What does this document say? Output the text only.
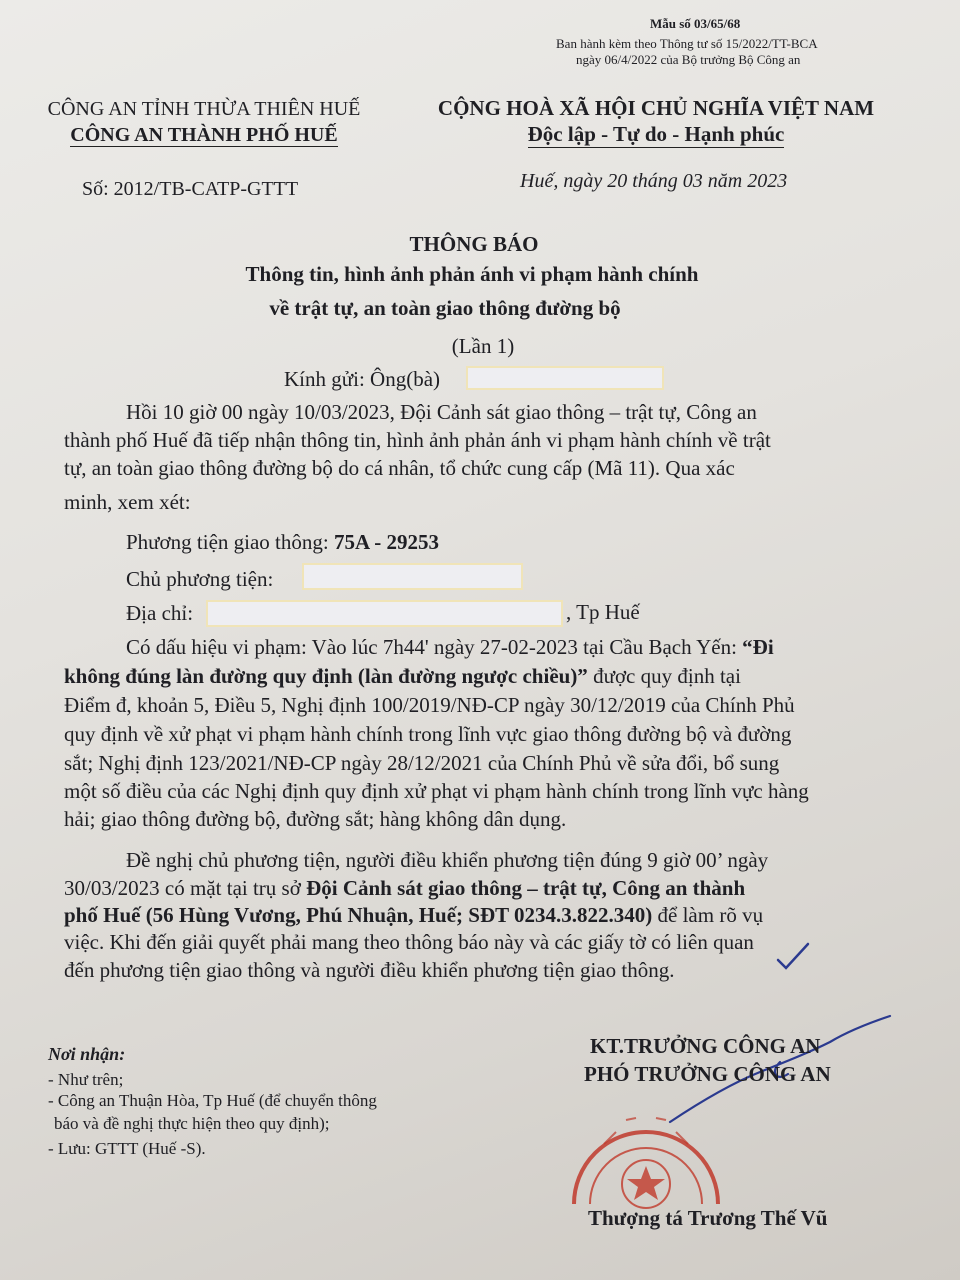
Mẫu số 03/65/68
Ban hành kèm theo Thông tư số 15/2022/TT-BCA
ngày 06/4/2022 của Bộ trưởng Bộ Công an
CÔNG AN TỈNH THỪA THIÊN HUẾ
CÔNG AN THÀNH PHỐ HUẾ
CỘNG HOÀ XÃ HỘI CHỦ NGHĨA VIỆT NAM
Độc lập - Tự do - Hạnh phúc
Số: 2012/TB-CATP-GTTT	Huế, ngày 20 tháng 03 năm 2023
THÔNG BÁO
Thông tin, hình ảnh phản ánh vi phạm hành chính
về trật tự, an toàn giao thông đường bộ
(Lần 1)
Kính gửi: Ông(bà)
Hồi 10 giờ 00 ngày 10/03/2023, Đội Cảnh sát giao thông – trật tự, Công an
thành phố Huế đã tiếp nhận thông tin, hình ảnh phản ánh vi phạm hành chính về trật
tự, an toàn giao thông đường bộ do cá nhân, tổ chức cung cấp (Mã 11). Qua xác
minh, xem xét:
Phương tiện giao thông: 75A - 29253
Chủ phương tiện:
Địa chỉ:	, Tp Huế
Có dấu hiệu vi phạm: Vào lúc 7h44' ngày 27-02-2023 tại Cầu Bạch Yến: “Đi
không đúng làn đường quy định (làn đường ngược chiều)” được quy định tại
Điểm đ, khoản 5, Điều 5, Nghị định 100/2019/NĐ-CP ngày 30/12/2019 của Chính Phủ
quy định về xử phạt vi phạm hành chính trong lĩnh vực giao thông đường bộ và đường
sắt; Nghị định 123/2021/NĐ-CP ngày 28/12/2021 của Chính Phủ về sửa đổi, bổ sung
một số điều của các Nghị định quy định xử phạt vi phạm hành chính trong lĩnh vực hàng
hải; giao thông đường bộ, đường sắt; hàng không dân dụng.
Đề nghị chủ phương tiện, người điều khiển phương tiện đúng 9 giờ 00’ ngày
30/03/2023 có mặt tại trụ sở Đội Cảnh sát giao thông – trật tự, Công an thành
phố Huế (56 Hùng Vương, Phú Nhuận, Huế; SĐT 0234.3.822.340) để làm rõ vụ
việc. Khi đến giải quyết phải mang theo thông báo này và các giấy tờ có liên quan
đến phương tiện giao thông và người điều khiển phương tiện giao thông.
Nơi nhận:
- Như trên;
- Công an Thuận Hòa, Tp Huế (để chuyển thông
báo và đề nghị thực hiện theo quy định);
- Lưu: GTTT (Huế -S).
KT.TRƯỞNG CÔNG AN
PHÓ TRƯỞNG CÔNG AN
Thượng tá Trương Thế Vũ
